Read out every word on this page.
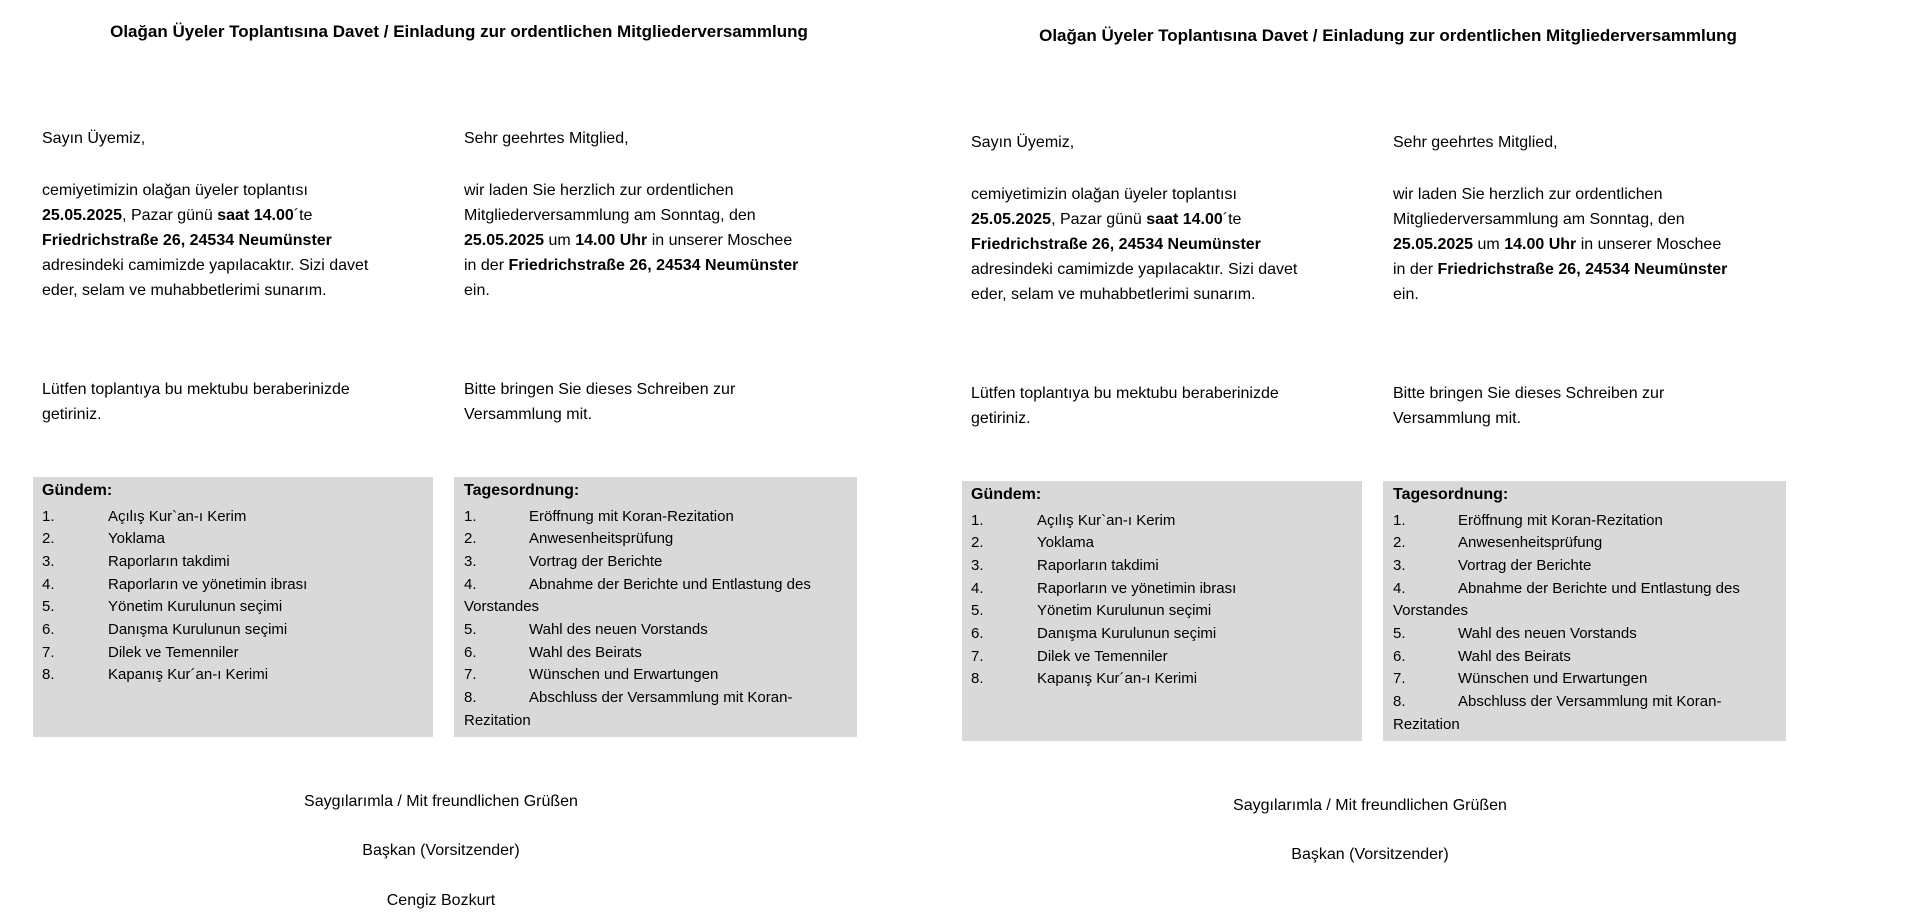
Olağan Üyeler Toplantısına Davet / Einladung zur ordentlichen Mitgliederversammlung
Sayın Üyemiz,
cemiyetimizin olağan üyeler toplantısı
25.05.2025, Pazar günü saat 14.00´te
Friedrichstraße 26, 24534 Neumünster
adresindeki camimizde yapılacaktır. Sizi davet
eder, selam ve muhabbetlerimi sunarım.
Lütfen toplantıya bu mektubu beraberinizde
getiriniz.
Gündem:
1.	Açılış Kur`an-ı Kerim
2.	Yoklama
3.	Raporların takdimi
4.	Raporların ve yönetimin ibrası
5.	Yönetim Kurulunun seçimi
6.	Danışma Kurulunun seçimi
7.	Dilek ve Temenniler
8.	Kapanış Kur´an-ı Kerimi
Sehr geehrtes Mitglied,
wir laden Sie herzlich zur ordentlichen
Mitgliederversammlung am Sonntag, den
25.05.2025 um 14.00 Uhr in unserer Moschee
in der Friedrichstraße 26, 24534 Neumünster
ein.
Bitte bringen Sie dieses Schreiben zur
Versammlung mit.
Tagesordnung:
1.	Eröffnung mit Koran-Rezitation
2.	Anwesenheitsprüfung
3.	Vortrag der Berichte
4.	Abnahme der Berichte und Entlastung des
Vorstandes
5.	Wahl des neuen Vorstands
6.	Wahl des Beirats
7.	Wünschen und Erwartungen
8.	Abschluss der Versammlung mit Koran-
Rezitation
Saygılarımla / Mit freundlichen Grüßen
Başkan (Vorsitzender)
Cengiz Bozkurt
Olağan Üyeler Toplantısına Davet / Einladung zur ordentlichen Mitgliederversammlung
Sayın Üyemiz,
cemiyetimizin olağan üyeler toplantısı
25.05.2025, Pazar günü saat 14.00´te
Friedrichstraße 26, 24534 Neumünster
adresindeki camimizde yapılacaktır. Sizi davet
eder, selam ve muhabbetlerimi sunarım.
Lütfen toplantıya bu mektubu beraberinizde
getiriniz.
Gündem:
1.	Açılış Kur`an-ı Kerim
2.	Yoklama
3.	Raporların takdimi
4.	Raporların ve yönetimin ibrası
5.	Yönetim Kurulunun seçimi
6.	Danışma Kurulunun seçimi
7.	Dilek ve Temenniler
8.	Kapanış Kur´an-ı Kerimi
Sehr geehrtes Mitglied,
wir laden Sie herzlich zur ordentlichen
Mitgliederversammlung am Sonntag, den
25.05.2025 um 14.00 Uhr in unserer Moschee
in der Friedrichstraße 26, 24534 Neumünster
ein.
Bitte bringen Sie dieses Schreiben zur
Versammlung mit.
Tagesordnung:
1.	Eröffnung mit Koran-Rezitation
2.	Anwesenheitsprüfung
3.	Vortrag der Berichte
4.	Abnahme der Berichte und Entlastung des
Vorstandes
5.	Wahl des neuen Vorstands
6.	Wahl des Beirats
7.	Wünschen und Erwartungen
8.	Abschluss der Versammlung mit Koran-
Rezitation
Saygılarımla / Mit freundlichen Grüßen
Başkan (Vorsitzender)
